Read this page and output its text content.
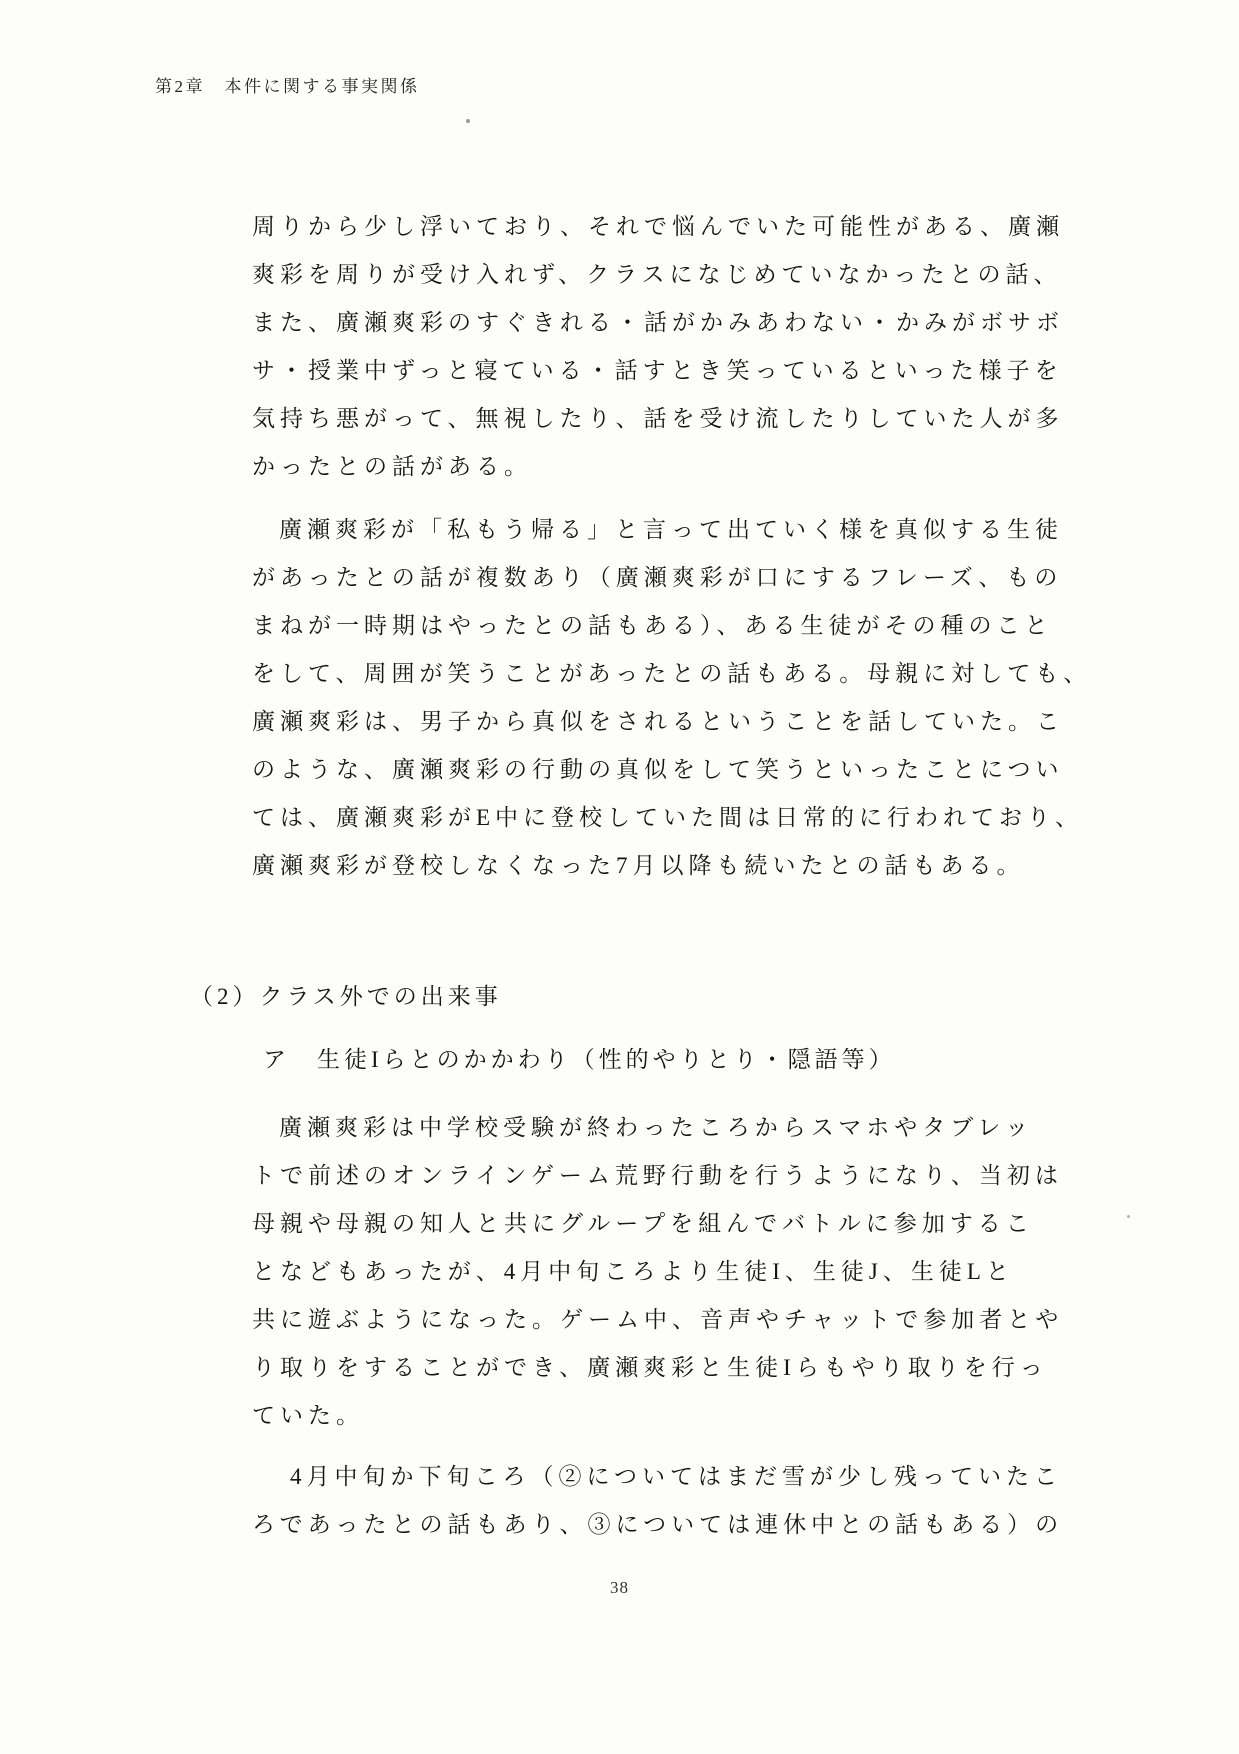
第2章　本件に関する事実関係
周りから少し浮いており、それで悩んでいた可能性がある、廣瀬
爽彩を周りが受け入れず、クラスになじめていなかったとの話、
また、廣瀬爽彩のすぐきれる・話がかみあわない・かみがボサボ
サ・授業中ずっと寝ている・話すとき笑っているといった様子を
気持ち悪がって、無視したり、話を受け流したりしていた人が多
かったとの話がある。
廣瀬爽彩が「私もう帰る」と言って出ていく様を真似する生徒
があったとの話が複数あり（廣瀬爽彩が口にするフレーズ、もの
まねが一時期はやったとの話もある）、ある生徒がその種のこと
をして、周囲が笑うことがあったとの話もある。母親に対しても、
廣瀬爽彩は、男子から真似をされるということを話していた。こ
のような、廣瀬爽彩の行動の真似をして笑うといったことについ
ては、廣瀬爽彩がE中に登校していた間は日常的に行われており、
廣瀬爽彩が登校しなくなった7月以降も続いたとの話もある。
（2）クラス外での出来事
ア　生徒Iらとのかかわり（性的やりとり・隠語等）
廣瀬爽彩は中学校受験が終わったころからスマホやタブレッ
トで前述のオンラインゲーム荒野行動を行うようになり、当初は
母親や母親の知人と共にグループを組んでバトルに参加するこ
となどもあったが、4月中旬ころより生徒I、生徒J、生徒Lと
共に遊ぶようになった。ゲーム中、音声やチャットで参加者とや
り取りをすることができ、廣瀬爽彩と生徒Iらもやり取りを行っ
ていた。
4月中旬か下旬ころ（②についてはまだ雪が少し残っていたこ
ろであったとの話もあり、③については連休中との話もある）の
38
